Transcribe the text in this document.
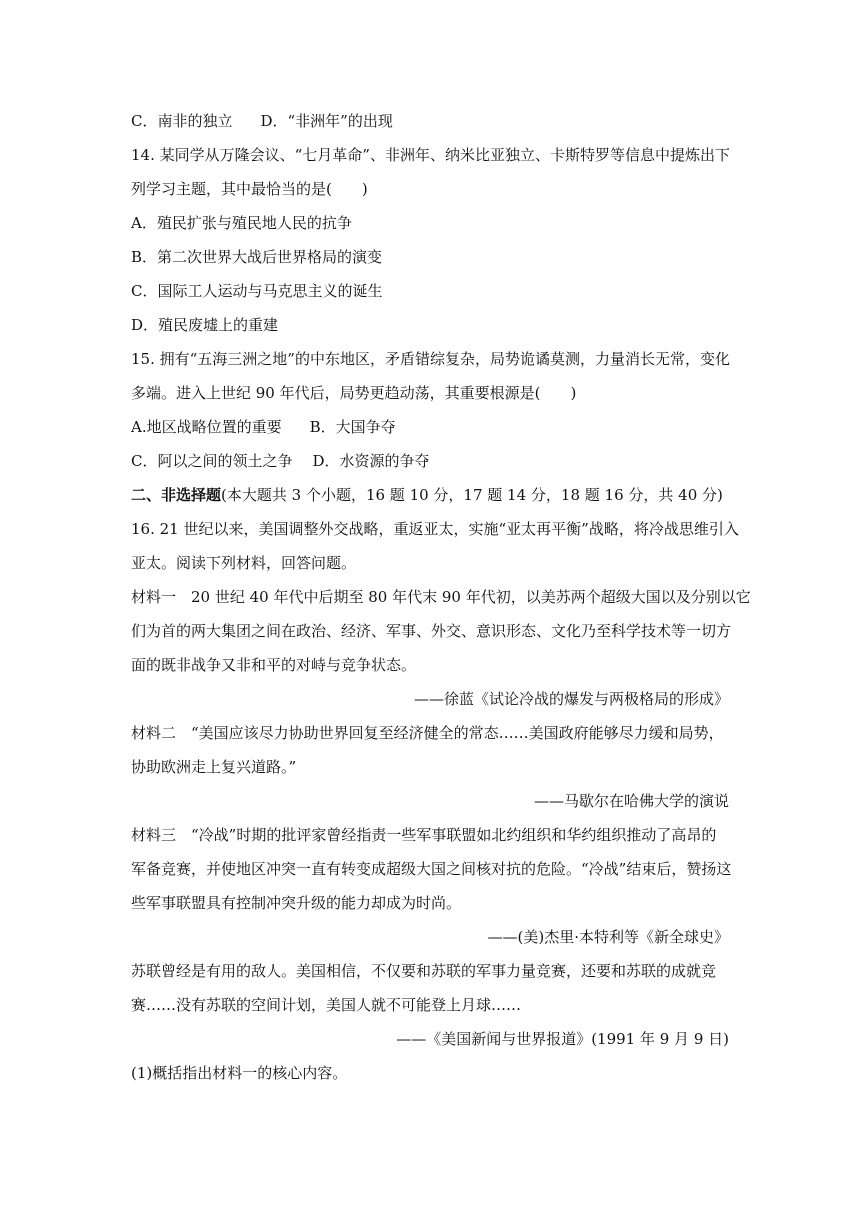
C．南非的独立 D．“非洲年”的出现
14. 某同学从万隆会议、“七月革命”、非洲年、纳米比亚独立、卡斯特罗等信息中提炼出下
列学习主题，其中最恰当的是(　　)
A．殖民扩张与殖民地人民的抗争
B．第二次世界大战后世界格局的演变
C．国际工人运动与马克思主义的诞生
D．殖民废墟上的重建
15. 拥有“五海三洲之地”的中东地区，矛盾错综复杂，局势诡谲莫测，力量消长无常，变化
多端。进入上世纪 90 年代后，局势更趋动荡，其重要根源是(　　)
A.地区战略位置的重要 B．大国争夺
C．阿以之间的领土之争 D．水资源的争夺
二、非选择题(本大题共 3 个小题，16 题 10 分，17 题 14 分，18 题 16 分，共 40 分)
16. 21 世纪以来，美国调整外交战略，重返亚太，实施“亚太再平衡”战略，将冷战思维引入
亚太。阅读下列材料，回答问题。
材料一　20 世纪 40 年代中后期至 80 年代末 90 年代初，以美苏两个超级大国以及分别以它
们为首的两大集团之间在政治、经济、军事、外交、意识形态、文化乃至科学技术等一切方
面的既非战争又非和平的对峙与竞争状态。
——徐蓝《试论冷战的爆发与两极格局的形成》
材料二　“美国应该尽力协助世界回复至经济健全的常态……美国政府能够尽力缓和局势，
协助欧洲走上复兴道路。”
——马歇尔在哈佛大学的演说
材料三　“冷战”时期的批评家曾经指责一些军事联盟如北约组织和华约组织推动了高昂的
军备竞赛，并使地区冲突一直有转变成超级大国之间核对抗的危险。“冷战”结束后，赞扬这
些军事联盟具有控制冲突升级的能力却成为时尚。
——(美)杰里·本特利等《新全球史》
苏联曾经是有用的敌人。美国相信，不仅要和苏联的军事力量竞赛，还要和苏联的成就竞
赛……没有苏联的空间计划，美国人就不可能登上月球……
——《美国新闻与世界报道》(1991 年 9 月 9 日)
(1)概括指出材料一的核心内容。
